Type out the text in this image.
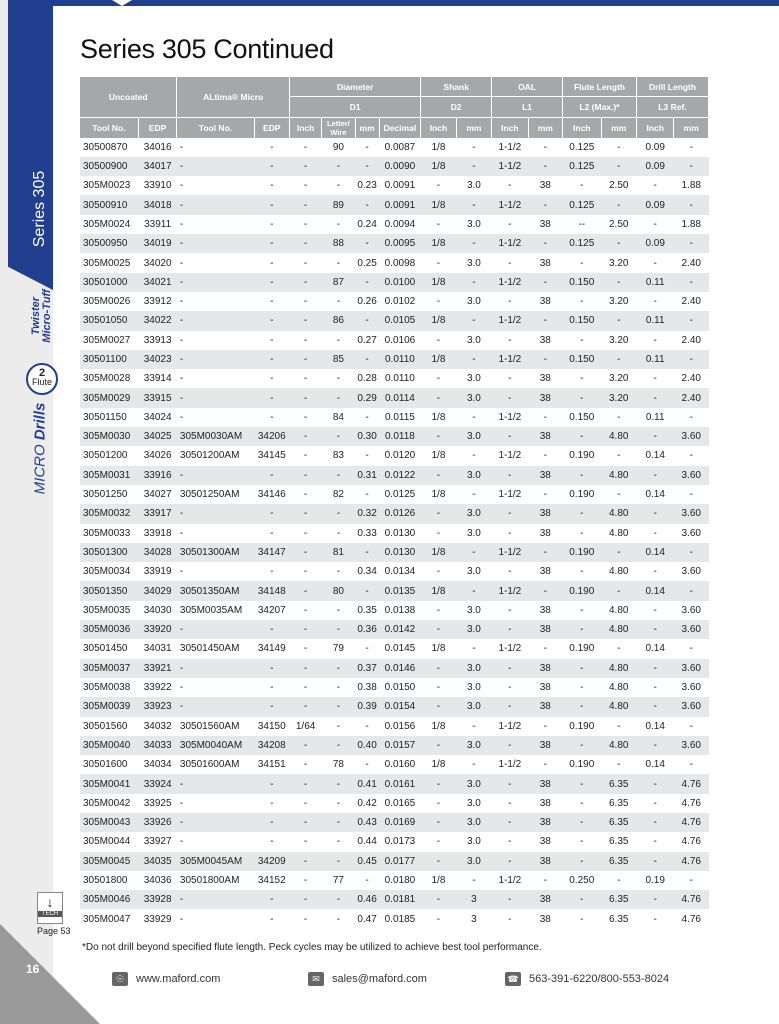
Series 305
Twister Micro-Tuff
2
Flute
MICRO Drills
↓
TECH
Page 53
16
Series 305 Continued
Uncoated		ALtima® Micro		Diameter				Shank		OAL		Flute Length		Drill Length	
				D1				D2		L1		L2 (Max.)*		L3 Ref.	
Tool No.	EDP	Tool No.	EDP	Inch	Letter/ Wire	mm	Decimal	Inch	mm	Inch	mm	Inch	mm	Inch	mm
30500870	34016	-	-	-	90	-	0.0087	1/8	-	1-1/2	-	0.125	-	0.09	-
30500900	34017	-	-	-	-	-	0.0090	1/8	-	1-1/2	-	0.125	-	0.09	-
305M0023	33910	-	-	-	-	0.23	0.0091	-	3.0	-	38	-	2.50	-	1.88
30500910	34018	-	-	-	89	-	0.0091	1/8	-	1-1/2	-	0.125	-	0.09	-
305M0024	33911	-	-	-	-	0.24	0.0094	-	3.0	-	38	--	2.50	-	1.88
30500950	34019	-	-	-	88	-	0.0095	1/8	-	1-1/2	-	0.125	-	0.09	-
305M0025	34020	-	-	-	-	0.25	0.0098	-	3.0	-	38	-	3.20	-	2.40
30501000	34021	-	-	-	87	-	0.0100	1/8	-	1-1/2	-	0.150	-	0.11	-
305M0026	33912	-	-	-	-	0.26	0.0102	-	3.0	-	38	-	3.20	-	2.40
30501050	34022	-	-	-	86	-	0.0105	1/8	-	1-1/2	-	0.150	-	0.11	-
305M0027	33913	-	-	-	-	0.27	0.0106	-	3.0	-	38	-	3.20	-	2.40
30501100	34023	-	-	-	85	-	0.0110	1/8	-	1-1/2	-	0.150	-	0.11	-
305M0028	33914	-	-	-	-	0.28	0.0110	-	3.0	-	38	-	3.20	-	2.40
305M0029	33915	-	-	-	-	0.29	0.0114	-	3.0	-	38	-	3.20	-	2.40
30501150	34024	-	-	-	84	-	0.0115	1/8	-	1-1/2	-	0.150	-	0.11	-
305M0030	34025	305M0030AM	34206	-	-	0.30	0.0118	-	3.0	-	38	-	4.80	-	3.60
30501200	34026	30501200AM	34145	-	83	-	0.0120	1/8	-	1-1/2	-	0.190	-	0.14	-
305M0031	33916	-	-	-	-	0.31	0.0122	-	3.0	-	38	-	4.80	-	3.60
30501250	34027	30501250AM	34146	-	82	-	0.0125	1/8	-	1-1/2	-	0.190	-	0.14	-
305M0032	33917	-	-	-	-	0.32	0.0126	-	3.0	-	38	-	4.80	-	3.60
305M0033	33918	-	-	-	-	0.33	0.0130	-	3.0	-	38	-	4.80	-	3.60
30501300	34028	30501300AM	34147	-	81	-	0.0130	1/8	-	1-1/2	-	0.190	-	0.14	-
305M0034	33919	-	-	-	-	0.34	0.0134	-	3.0	-	38	-	4.80	-	3.60
30501350	34029	30501350AM	34148	-	80	-	0.0135	1/8	-	1-1/2	-	0.190	-	0.14	-
305M0035	34030	305M0035AM	34207	-	-	0.35	0.0138	-	3.0	-	38	-	4.80	-	3.60
305M0036	33920	-	-	-	-	0.36	0.0142	-	3.0	-	38	-	4.80	-	3.60
30501450	34031	30501450AM	34149	-	79	-	0.0145	1/8	-	1-1/2	-	0.190	-	0.14	-
305M0037	33921	-	-	-	-	0.37	0.0146	-	3.0	-	38	-	4.80	-	3.60
305M0038	33922	-	-	-	-	0.38	0.0150	-	3.0	-	38	-	4.80	-	3.60
305M0039	33923	-	-	-	-	0.39	0.0154	-	3.0	-	38	-	4.80	-	3.60
30501560	34032	30501560AM	34150	1/64	-	-	0.0156	1/8	-	1-1/2	-	0.190	-	0.14	-
305M0040	34033	305M0040AM	34208	-	-	0.40	0.0157	-	3.0	-	38	-	4.80	-	3.60
30501600	34034	30501600AM	34151	-	78	-	0.0160	1/8	-	1-1/2	-	0.190	-	0.14	-
305M0041	33924	-	-	-	-	0.41	0.0161	-	3.0	-	38	-	6.35	-	4.76
305M0042	33925	-	-	-	-	0.42	0.0165	-	3.0	-	38	-	6.35	-	4.76
305M0043	33926	-	-	-	-	0.43	0.0169	-	3.0	-	38	-	6.35	-	4.76
305M0044	33927	-	-	-	-	0.44	0.0173	-	3.0	-	38	-	6.35	-	4.76
305M0045	34035	305M0045AM	34209	-	-	0.45	0.0177	-	3.0	-	38	-	6.35	-	4.76
30501800	34036	30501800AM	34152	-	77	-	0.0180	1/8	-	1-1/2	-	0.250	-	0.19	-
305M0046	33928	-	-	-	-	0.46	0.0181	-	3	-	38	-	6.35	-	4.76
305M0047	33929	-	-	-	-	0.47	0.0185	-	3	-	38	-	6.35	-	4.76
*Do not drill beyond specified flute length. Peck cycles may be utilized to achieve best tool performance.
☉ www.maford.com	✉ sales@maford.com	☎ 563-391-6220/800-553-8024
